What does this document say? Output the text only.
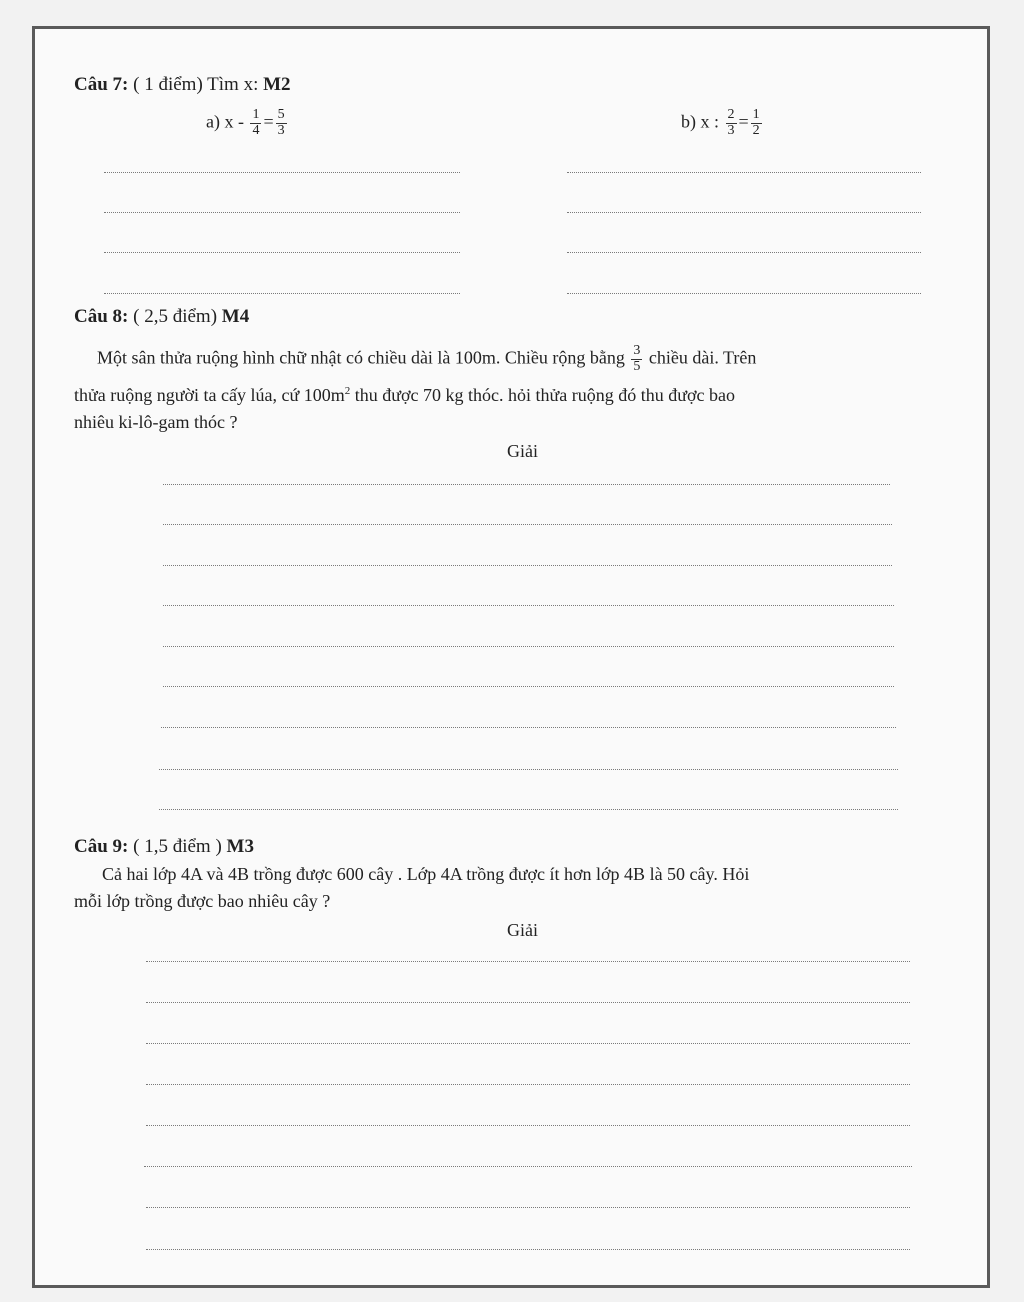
Câu 7: ( 1 điểm) Tìm x: M2
a) $x - \frac{1}{4} = \frac{5}{3}$	b) x : $\frac{2}{3} = \frac{1}{2}$
Câu 8: ( 2,5 điểm) M4
Một sân thửa ruộng hình chữ nhật có chiều dài là 100m. Chiều rộng bằng $\frac{3}{5}$ chiều dài. Trên
thửa ruộng người ta cấy lúa, cứ $100m^2$ thu được 70 kg thóc. hỏi thửa ruộng đó thu được bao
nhiêu ki-lô-gam thóc ?
Giải
Câu 9: ( 1,5 điểm ) M3
Cả hai lớp 4A và 4B trồng được 600 cây . Lớp 4A trồng được ít hơn lớp 4B là 50 cây. Hỏi
mỗi lớp trồng được bao nhiêu cây ?
Giải
